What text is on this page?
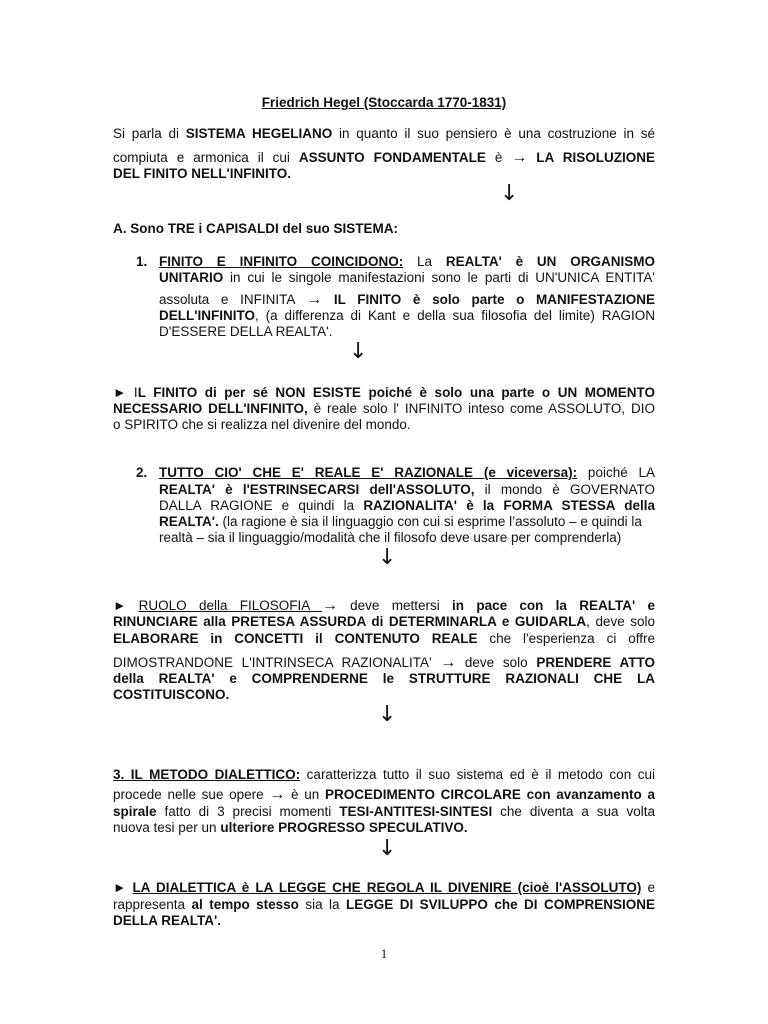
Friedrich Hegel (Stoccarda 1770-1831)
Si parla di SISTEMA HEGELIANO in quanto il suo pensiero è una costruzione in sé
compiuta e armonica il cui ASSUNTO FONDAMENTALE è → LA RISOLUZIONE
DEL FINITO NELL'INFINITO.
↓
A. Sono TRE i CAPISALDI del suo SISTEMA:
1. FINITO E INFINITO COINCIDONO: La REALTA' è UN ORGANISMO
UNITARIO in cui le singole manifestazioni sono le parti di UN'UNICA ENTITA'
assoluta e INFINITA → IL FINITO è solo parte o MANIFESTAZIONE
DELL'INFINITO, (a differenza di Kant e della sua filosofia del limite) RAGION
D'ESSERE DELLA REALTA'.
↓
► IL FINITO di per sé NON ESISTE poiché è solo una parte o UN MOMENTO
NECESSARIO DELL'INFINITO, è reale solo l' INFINITO inteso come ASSOLUTO, DIO
o SPIRITO che si realizza nel divenire del mondo.
2. TUTTO CIO' CHE E' REALE E' RAZIONALE (e viceversa): poiché LA
REALTA' è l'ESTRINSECARSI dell'ASSOLUTO, il mondo è GOVERNATO
DALLA RAGIONE e quindi la RAZIONALITA' è la FORMA STESSA della
REALTA'. (la ragione è sia il linguaggio con cui si esprime l’assoluto – e quindi la
realtà – sia il linguaggio/modalità che il filosofo deve usare per comprenderla)
↓
► RUOLO della FILOSOFIA → deve mettersi in pace con la REALTA' e
RINUNCIARE alla PRETESA ASSURDA di DETERMINARLA e GUIDARLA, deve solo
ELABORARE in CONCETTI il CONTENUTO REALE che l'esperienza ci offre
DIMOSTRANDONE L'INTRINSECA RAZIONALITA' → deve solo PRENDERE ATTO
della REALTA' e COMPRENDERNE le STRUTTURE RAZIONALI CHE LA
COSTITUISCONO.
↓
3. IL METODO DIALETTICO: caratterizza tutto il suo sistema ed è il metodo con cui
procede nelle sue opere → è un PROCEDIMENTO CIRCOLARE con avanzamento a
spirale fatto di 3 precisi momenti TESI-ANTITESI-SINTESI che diventa a sua volta
nuova tesi per un ulteriore PROGRESSO SPECULATIVO.
↓
► LA DIALETTICA è LA LEGGE CHE REGOLA IL DIVENIRE (cioè l'ASSOLUTO) e
rappresenta al tempo stesso sia la LEGGE DI SVILUPPO che DI COMPRENSIONE
DELLA REALTA'.
1
